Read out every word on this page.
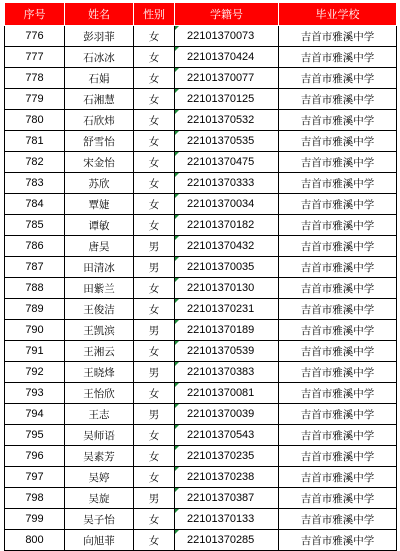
序号	姓名	性别	学籍号	毕业学校
776	彭羽菲	女	22101370073	吉首市雅溪中学
777	石冰冰	女	22101370424	吉首市雅溪中学
778	石娟	女	22101370077	吉首市雅溪中学
779	石湘慧	女	22101370125	吉首市雅溪中学
780	石欣炜	女	22101370532	吉首市雅溪中学
781	舒雪怡	女	22101370535	吉首市雅溪中学
782	宋金怡	女	22101370475	吉首市雅溪中学
783	苏欣	女	22101370333	吉首市雅溪中学
784	覃婕	女	22101370034	吉首市雅溪中学
785	谭敏	女	22101370182	吉首市雅溪中学
786	唐昊	男	22101370432	吉首市雅溪中学
787	田清冰	男	22101370035	吉首市雅溪中学
788	田紫兰	女	22101370130	吉首市雅溪中学
789	王俊洁	女	22101370231	吉首市雅溪中学
790	王凯滨	男	22101370189	吉首市雅溪中学
791	王湘云	女	22101370539	吉首市雅溪中学
792	王晓烽	男	22101370383	吉首市雅溪中学
793	王怡欣	女	22101370081	吉首市雅溪中学
794	王志	男	22101370039	吉首市雅溪中学
795	吴师语	女	22101370543	吉首市雅溪中学
796	吴素芳	女	22101370235	吉首市雅溪中学
797	吴婷	女	22101370238	吉首市雅溪中学
798	吴旋	男	22101370387	吉首市雅溪中学
799	吴子怡	女	22101370133	吉首市雅溪中学
800	向旭菲	女	22101370285	吉首市雅溪中学
